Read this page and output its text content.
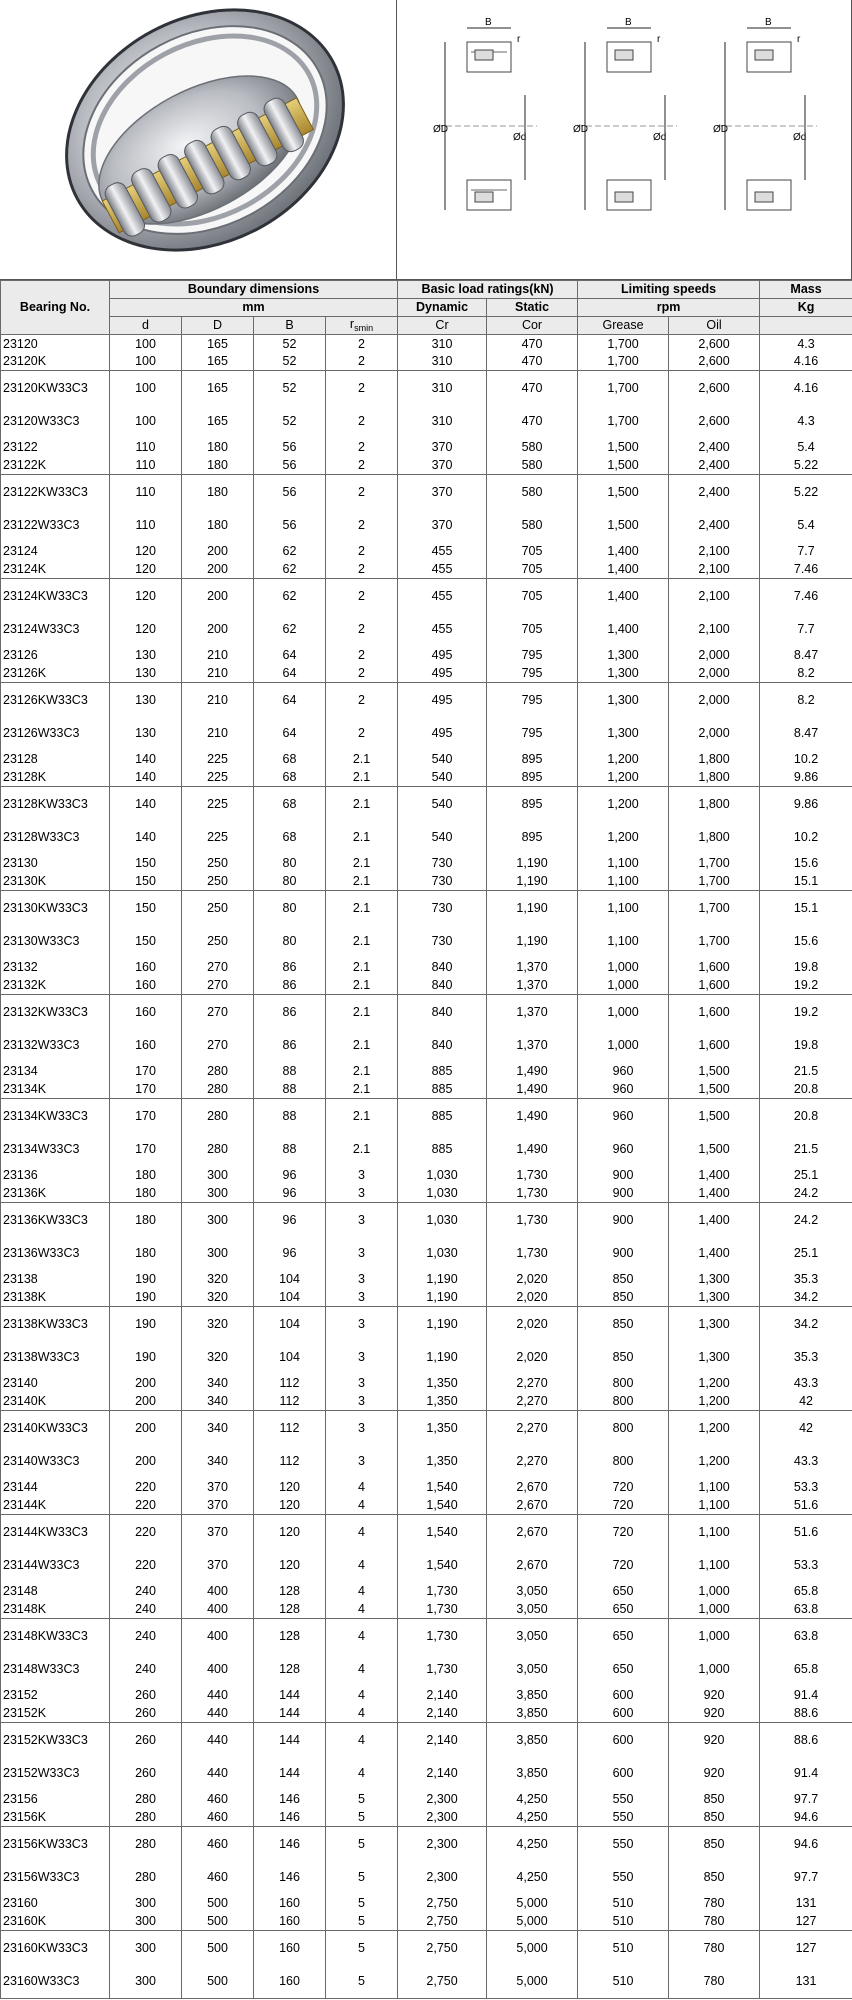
B
r
ØD
Ød
B
r
ØD
Ød
B
r
ØD
Ød
Bearing No.	Boundary dimensions				Basic load ratings(kN)		Limiting speeds		Mass
	mm				Dynamic	Static	rpm		Kg
	d	D	B	$r_{smin}$	Cr	Cor	Grease	Oil	
23120	100	165	52	2	310	470	1,700	2,600	4.3
23120K	100	165	52	2	310	470	1,700	2,600	4.16
23120KW33C3	100	165	52	2	310	470	1,700	2,600	4.16
23120W33C3	100	165	52	2	310	470	1,700	2,600	4.3
23122	110	180	56	2	370	580	1,500	2,400	5.4
23122K	110	180	56	2	370	580	1,500	2,400	5.22
23122KW33C3	110	180	56	2	370	580	1,500	2,400	5.22
23122W33C3	110	180	56	2	370	580	1,500	2,400	5.4
23124	120	200	62	2	455	705	1,400	2,100	7.7
23124K	120	200	62	2	455	705	1,400	2,100	7.46
23124KW33C3	120	200	62	2	455	705	1,400	2,100	7.46
23124W33C3	120	200	62	2	455	705	1,400	2,100	7.7
23126	130	210	64	2	495	795	1,300	2,000	8.47
23126K	130	210	64	2	495	795	1,300	2,000	8.2
23126KW33C3	130	210	64	2	495	795	1,300	2,000	8.2
23126W33C3	130	210	64	2	495	795	1,300	2,000	8.47
23128	140	225	68	2.1	540	895	1,200	1,800	10.2
23128K	140	225	68	2.1	540	895	1,200	1,800	9.86
23128KW33C3	140	225	68	2.1	540	895	1,200	1,800	9.86
23128W33C3	140	225	68	2.1	540	895	1,200	1,800	10.2
23130	150	250	80	2.1	730	1,190	1,100	1,700	15.6
23130K	150	250	80	2.1	730	1,190	1,100	1,700	15.1
23130KW33C3	150	250	80	2.1	730	1,190	1,100	1,700	15.1
23130W33C3	150	250	80	2.1	730	1,190	1,100	1,700	15.6
23132	160	270	86	2.1	840	1,370	1,000	1,600	19.8
23132K	160	270	86	2.1	840	1,370	1,000	1,600	19.2
23132KW33C3	160	270	86	2.1	840	1,370	1,000	1,600	19.2
23132W33C3	160	270	86	2.1	840	1,370	1,000	1,600	19.8
23134	170	280	88	2.1	885	1,490	960	1,500	21.5
23134K	170	280	88	2.1	885	1,490	960	1,500	20.8
23134KW33C3	170	280	88	2.1	885	1,490	960	1,500	20.8
23134W33C3	170	280	88	2.1	885	1,490	960	1,500	21.5
23136	180	300	96	3	1,030	1,730	900	1,400	25.1
23136K	180	300	96	3	1,030	1,730	900	1,400	24.2
23136KW33C3	180	300	96	3	1,030	1,730	900	1,400	24.2
23136W33C3	180	300	96	3	1,030	1,730	900	1,400	25.1
23138	190	320	104	3	1,190	2,020	850	1,300	35.3
23138K	190	320	104	3	1,190	2,020	850	1,300	34.2
23138KW33C3	190	320	104	3	1,190	2,020	850	1,300	34.2
23138W33C3	190	320	104	3	1,190	2,020	850	1,300	35.3
23140	200	340	112	3	1,350	2,270	800	1,200	43.3
23140K	200	340	112	3	1,350	2,270	800	1,200	42
23140KW33C3	200	340	112	3	1,350	2,270	800	1,200	42
23140W33C3	200	340	112	3	1,350	2,270	800	1,200	43.3
23144	220	370	120	4	1,540	2,670	720	1,100	53.3
23144K	220	370	120	4	1,540	2,670	720	1,100	51.6
23144KW33C3	220	370	120	4	1,540	2,670	720	1,100	51.6
23144W33C3	220	370	120	4	1,540	2,670	720	1,100	53.3
23148	240	400	128	4	1,730	3,050	650	1,000	65.8
23148K	240	400	128	4	1,730	3,050	650	1,000	63.8
23148KW33C3	240	400	128	4	1,730	3,050	650	1,000	63.8
23148W33C3	240	400	128	4	1,730	3,050	650	1,000	65.8
23152	260	440	144	4	2,140	3,850	600	920	91.4
23152K	260	440	144	4	2,140	3,850	600	920	88.6
23152KW33C3	260	440	144	4	2,140	3,850	600	920	88.6
23152W33C3	260	440	144	4	2,140	3,850	600	920	91.4
23156	280	460	146	5	2,300	4,250	550	850	97.7
23156K	280	460	146	5	2,300	4,250	550	850	94.6
23156KW33C3	280	460	146	5	2,300	4,250	550	850	94.6
23156W33C3	280	460	146	5	2,300	4,250	550	850	97.7
23160	300	500	160	5	2,750	5,000	510	780	131
23160K	300	500	160	5	2,750	5,000	510	780	127
23160KW33C3	300	500	160	5	2,750	5,000	510	780	127
23160W33C3	300	500	160	5	2,750	5,000	510	780	131
